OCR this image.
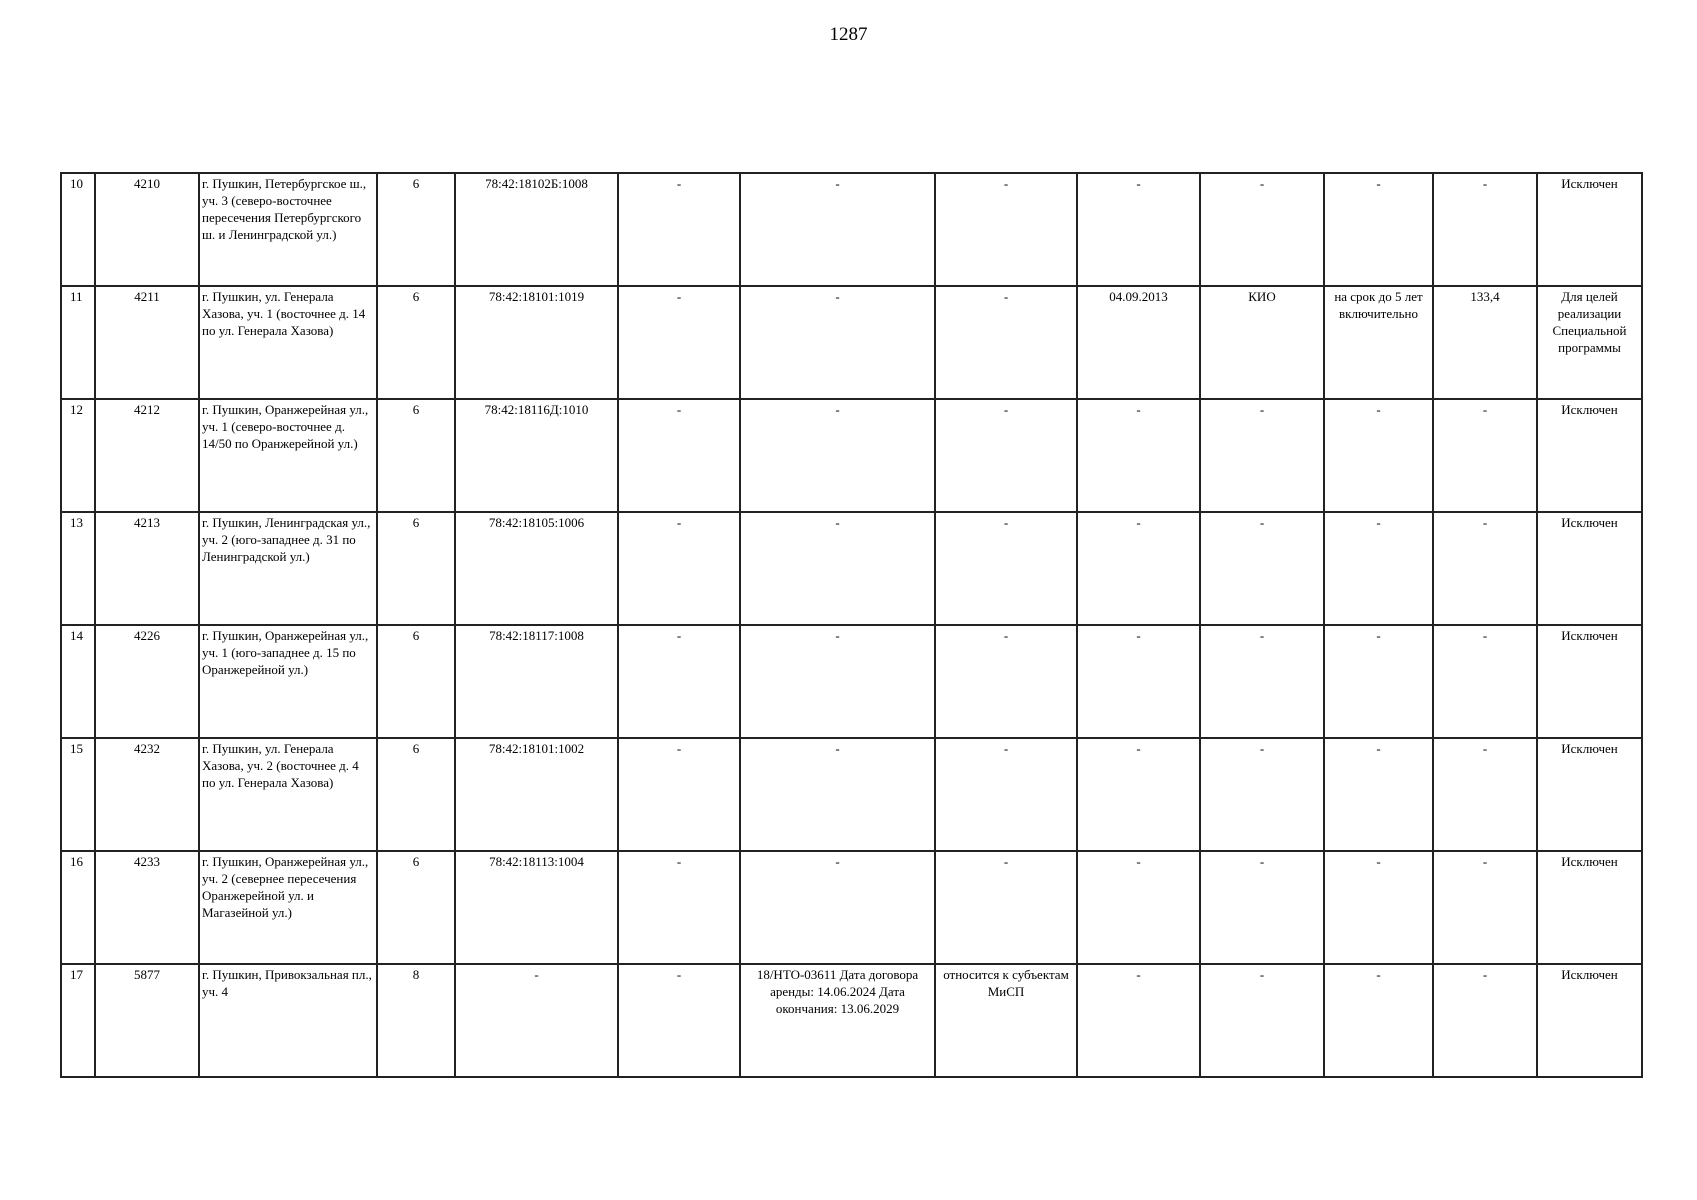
1287
10	4210	г. Пушкин, Петербургское ш., уч. 3 (северо-восточнее пересечения Петербургского ш. и Ленинградской ул.)	6	78:42:18102Б:1008	-	-	-	-	-	-	-	Исключен
11	4211	г. Пушкин, ул. Генерала Хазова, уч. 1 (восточнее д. 14 по ул. Генерала Хазова)	6	78:42:18101:1019	-	-	-	04.09.2013	КИО	на срок до 5 лет включительно	133,4	Для целей реализации Специальной программы
12	4212	г. Пушкин, Оранжерейная ул., уч. 1 (северо-восточнее д. 14/50 по Оранжерейной ул.)	6	78:42:18116Д:1010	-	-	-	-	-	-	-	Исключен
13	4213	г. Пушкин, Ленинградская ул., уч. 2 (юго-западнее д. 31 по Ленинградской ул.)	6	78:42:18105:1006	-	-	-	-	-	-	-	Исключен
14	4226	г. Пушкин, Оранжерейная ул., уч. 1 (юго-западнее д. 15 по Оранжерейной ул.)	6	78:42:18117:1008	-	-	-	-	-	-	-	Исключен
15	4232	г. Пушкин, ул. Генерала Хазова, уч. 2 (восточнее д. 4 по ул. Генерала Хазова)	6	78:42:18101:1002	-	-	-	-	-	-	-	Исключен
16	4233	г. Пушкин, Оранжерейная ул., уч. 2 (севернее пересечения Оранжерейной ул. и Магазейной ул.)	6	78:42:18113:1004	-	-	-	-	-	-	-	Исключен
17	5877	г. Пушкин, Привокзальная пл., уч. 4	8	-	-	18/НТО-03611 Дата договора аренды: 14.06.2024 Дата окончания: 13.06.2029	относится к субъектам МиСП	-	-	-	-	Исключен
